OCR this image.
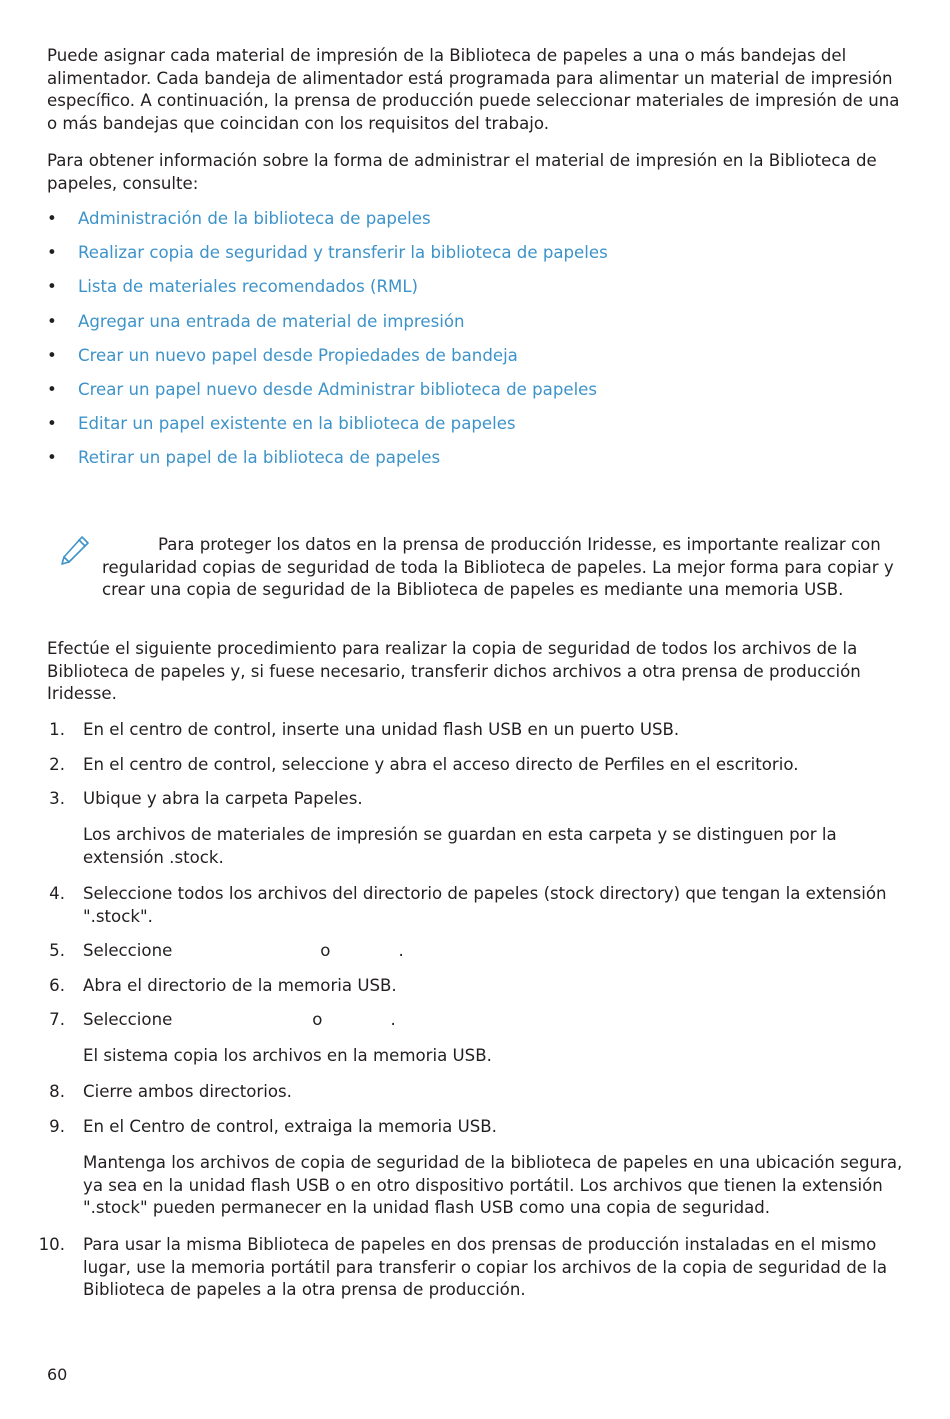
Puede asignar cada material de impresión de la Biblioteca de papeles a una o más bandejas del alimentador. Cada bandeja de alimentador está programada para alimentar un material de impresión específico. A continuación, la prensa de producción puede seleccionar materiales de impresión de una o más bandejas que coincidan con los requisitos del trabajo.

Para obtener información sobre la forma de administrar el material de impresión en la Biblioteca de papeles, consulte:

• Administración de la biblioteca de papeles
• Realizar copia de seguridad y transferir la biblioteca de papeles
• Lista de materiales recomendados (RML)
• Agregar una entrada de material de impresión
• Crear un nuevo papel desde Propiedades de bandeja
• Crear un papel nuevo desde Administrar biblioteca de papeles
• Editar un papel existente en la biblioteca de papeles
• Retirar un papel de la biblioteca de papeles

Para proteger los datos en la prensa de producción Iridesse, es importante realizar con regularidad copias de seguridad de toda la Biblioteca de papeles. La mejor forma para copiar y crear una copia de seguridad de la Biblioteca de papeles es mediante una memoria USB.

Efectúe el siguiente procedimiento para realizar la copia de seguridad de todos los archivos de la Biblioteca de papeles y, si fuese necesario, transferir dichos archivos a otra prensa de producción Iridesse.

1. En el centro de control, inserte una unidad flash USB en un puerto USB.
2. En el centro de control, seleccione y abra el acceso directo de Perfiles en el escritorio.
3. Ubique y abra la carpeta Papeles.
Los archivos de materiales de impresión se guardan en esta carpeta y se distinguen por la extensión .stock.
4. Seleccione todos los archivos del directorio de papeles (stock directory) que tengan la extensión ".stock".
5. Seleccione	o	.
6. Abra el directorio de la memoria USB.
7. Seleccione	o	.
El sistema copia los archivos en la memoria USB.
8. Cierre ambos directorios.
9. En el Centro de control, extraiga la memoria USB.
Mantenga los archivos de copia de seguridad de la biblioteca de papeles en una ubicación segura, ya sea en la unidad flash USB o en otro dispositivo portátil. Los archivos que tienen la extensión ".stock" pueden permanecer en la unidad flash USB como una copia de seguridad.
10. Para usar la misma Biblioteca de papeles en dos prensas de producción instaladas en el mismo lugar, use la memoria portátil para transferir o copiar los archivos de la copia de seguridad de la Biblioteca de papeles a la otra prensa de producción.
60
